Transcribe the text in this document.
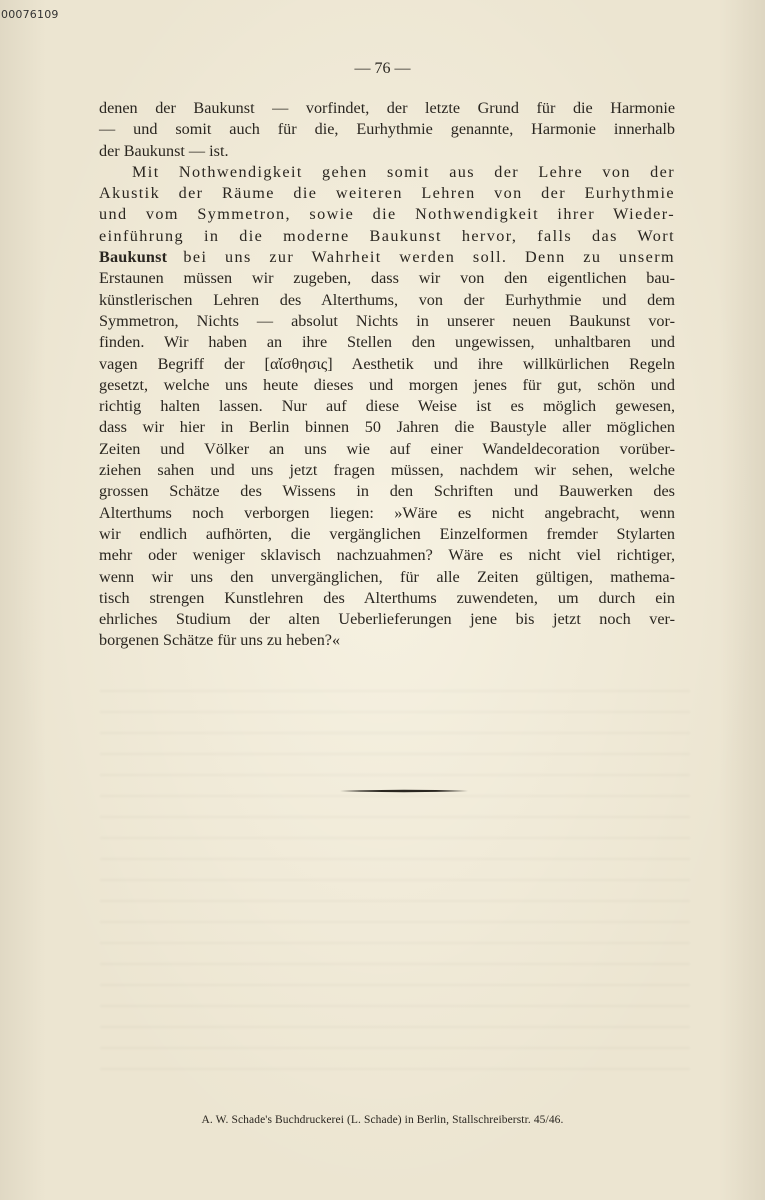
00076109
— 76 —
denen der Baukunst — vorfindet, der letzte Grund für die Harmonie
— und somit auch für die, Eurhythmie genannte, Harmonie innerhalb
der Baukunst — ist.
Mit Nothwendigkeit gehen somit aus der Lehre von der
Akustik der Räume die weiteren Lehren von der Eurhythmie
und vom Symmetron, sowie die Nothwendigkeit ihrer Wieder-
einführung in die moderne Baukunst hervor, falls das Wort
Baukunst bei uns zur Wahrheit werden soll. Denn zu unserm
Erstaunen müssen wir zugeben, dass wir von den eigentlichen bau-
künstlerischen Lehren des Alterthums, von der Eurhythmie und dem
Symmetron, Nichts — absolut Nichts in unserer neuen Baukunst vor-
finden. Wir haben an ihre Stellen den ungewissen, unhaltbaren und
vagen Begriff der [αἴσθησις] Aesthetik und ihre willkürlichen Regeln
gesetzt, welche uns heute dieses und morgen jenes für gut, schön und
richtig halten lassen. Nur auf diese Weise ist es möglich gewesen,
dass wir hier in Berlin binnen 50 Jahren die Baustyle aller möglichen
Zeiten und Völker an uns wie auf einer Wandeldecoration vorüber-
ziehen sahen und uns jetzt fragen müssen, nachdem wir sehen, welche
grossen Schätze des Wissens in den Schriften und Bauwerken des
Alterthums noch verborgen liegen: »Wäre es nicht angebracht, wenn
wir endlich aufhörten, die vergänglichen Einzelformen fremder Stylarten
mehr oder weniger sklavisch nachzuahmen? Wäre es nicht viel richtiger,
wenn wir uns den unvergänglichen, für alle Zeiten gültigen, mathema-
tisch strengen Kunstlehren des Alterthums zuwendeten, um durch ein
ehrliches Studium der alten Ueberlieferungen jene bis jetzt noch ver-
borgenen Schätze für uns zu heben?«
A. W. Schade's Buchdruckerei (L. Schade) in Berlin, Stallschreiberstr. 45/46.
